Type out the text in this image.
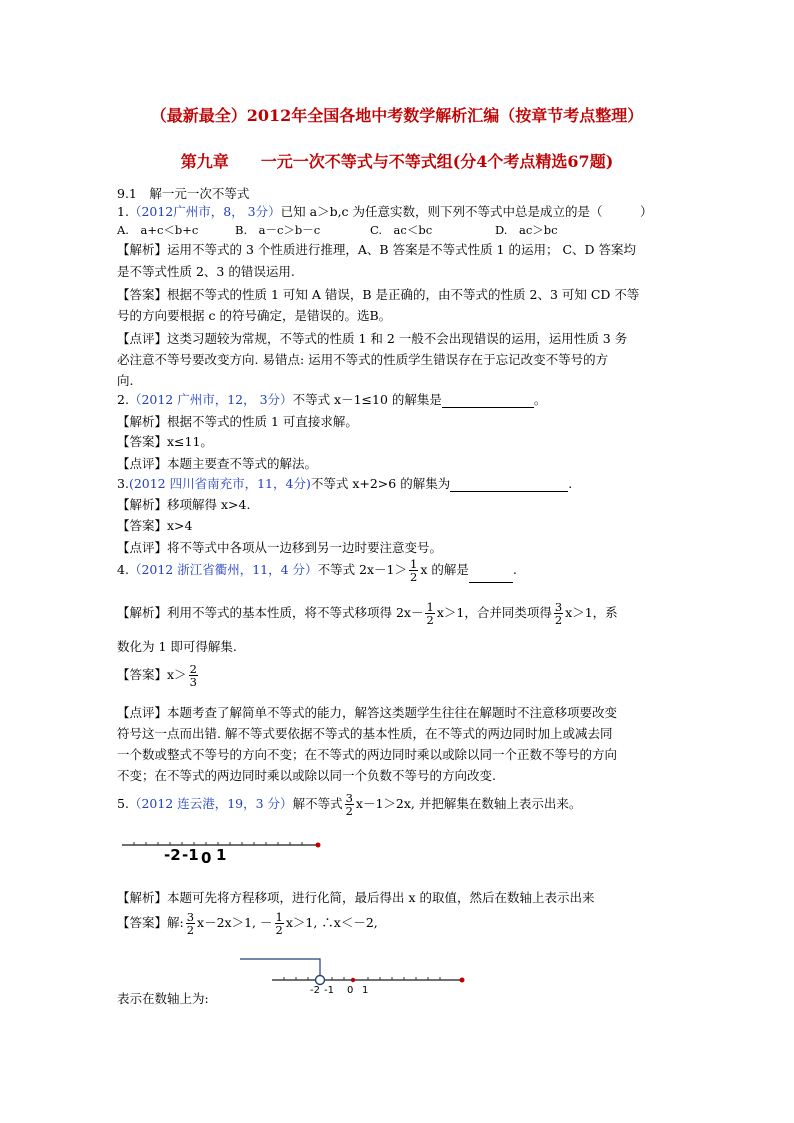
（最新最全）2012年全国各地中考数学解析汇编（按章节考点整理）
第九章　　一元一次不等式与不等式组(分4个考点精选67题)
9.1　解一元一次不等式
1.（2012广州市，8， 3分）已知 a＞b,c 为任意实数，则下列不等式中总是成立的是（　　　）
A.　a+c＜b+c	B.　a－c＞b－c	C.　ac＜bc	D.　ac＞bc
【解析】运用不等式的 3 个性质进行推理，A、B 答案是不等式性质 1 的运用； C、D 答案均
是不等式性质 2、3 的错误运用.
【答案】根据不等式的性质 1 可知 A 错误，B 是正确的，由不等式的性质 2、3 可知 CD 不等
号的方向要根据 c 的符号确定，是错误的。选B。
【点评】这类习题较为常规，不等式的性质 1 和 2 一般不会出现错误的运用，运用性质 3 务
必注意不等号要改变方向. 易错点: 运用不等式的性质学生错误存在于忘记改变不等号的方
向.
2.（2012 广州市，12， 3分）不等式 x－1≤10 的解集是	。
【解析】根据不等式的性质 1 可直接求解。
【答案】x≤11。
【点评】本题主要查不等式的解法。
3.(2012 四川省南充市，11，4分)不等式 x+2>6 的解集为	.
【解析】移项解得 x>4.
【答案】x>4
【点评】将不等式中各项从一边移到另一边时要注意变号。
4.（2012 浙江省衢州，11，4 分）不等式 $2x-1> \frac{1}{2}$ x 的解是	.
【解析】利用不等式的基本性质，将不等式移项得 $2x- \frac{1}{2} x>1$，合并同类项得 $\frac{3}{2} x>1$，系
数化为 1 即可得解集.
【答案】$x> \frac{2}{3}$
【点评】本题考查了解简单不等式的能力，解答这类题学生往往在解题时不注意移项要改变
符号这一点而出错. 解不等式要依据不等式的基本性质，在不等式的两边同时加上或减去同
一个数或整式不等号的方向不变；在不等式的两边同时乘以或除以同一个正数不等号的方向
不变；在不等式的两边同时乘以或除以同一个负数不等号的方向改变.
5.（2012 连云港，19，3 分）解不等式 $\frac{3}{2} x-1>2x$, 并把解集在数轴上表示出来。
-2 -1 0 1
【解析】本题可先将方程移项，进行化简，最后得出 x 的取值，然后在数轴上表示出来
【答案】解: $\frac{3}{2} x-2x>1$, － $\frac{1}{2} x>1$, ∴x＜－2,
-2 -1 0 1
表示在数轴上为:
